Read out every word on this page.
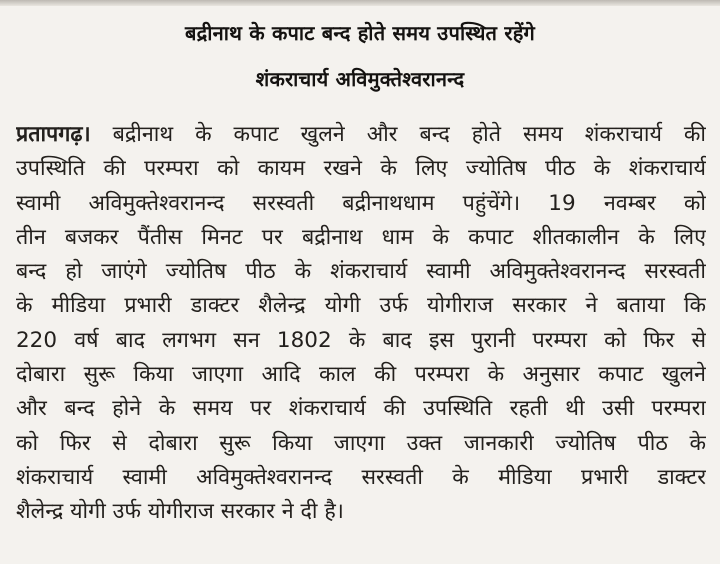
बद्रीनाथ के कपाट बन्द होते समय उपस्थित रहेंगे
शंकराचार्य अविमुक्तेश्वरानन्द
प्रतापगढ़। बद्रीनाथ के कपाट खुलने और बन्द होते समय शंकराचार्य की
उपस्थिति की परम्परा को कायम रखने के लिए ज्योतिष पीठ के शंकराचार्य
स्वामी अविमुक्तेश्वरानन्द सरस्वती बद्रीनाथधाम पहुंचेंगे। 19 नवम्बर को
तीन बजकर पैंतीस मिनट पर बद्रीनाथ धाम के कपाट शीतकालीन के लिए
बन्द हो जाएंगे ज्योतिष पीठ के शंकराचार्य स्वामी अविमुक्तेश्वरानन्द सरस्वती
के मीडिया प्रभारी डाक्टर शैलेन्द्र योगी उर्फ योगीराज सरकार ने बताया कि
220 वर्ष बाद लगभग सन 1802 के बाद इस पुरानी परम्परा को फिर से
दोबारा सुरू किया जाएगा आदि काल की परम्परा के अनुसार कपाट खुलने
और बन्द होने के समय पर शंकराचार्य की उपस्थिति रहती थी उसी परम्परा
को फिर से दोबारा सुरू किया जाएगा उक्त जानकारी ज्योतिष पीठ के
शंकराचार्य स्वामी अविमुक्तेश्वरानन्द सरस्वती के मीडिया प्रभारी डाक्टर
शैलेन्द्र योगी उर्फ योगीराज सरकार ने दी है।
